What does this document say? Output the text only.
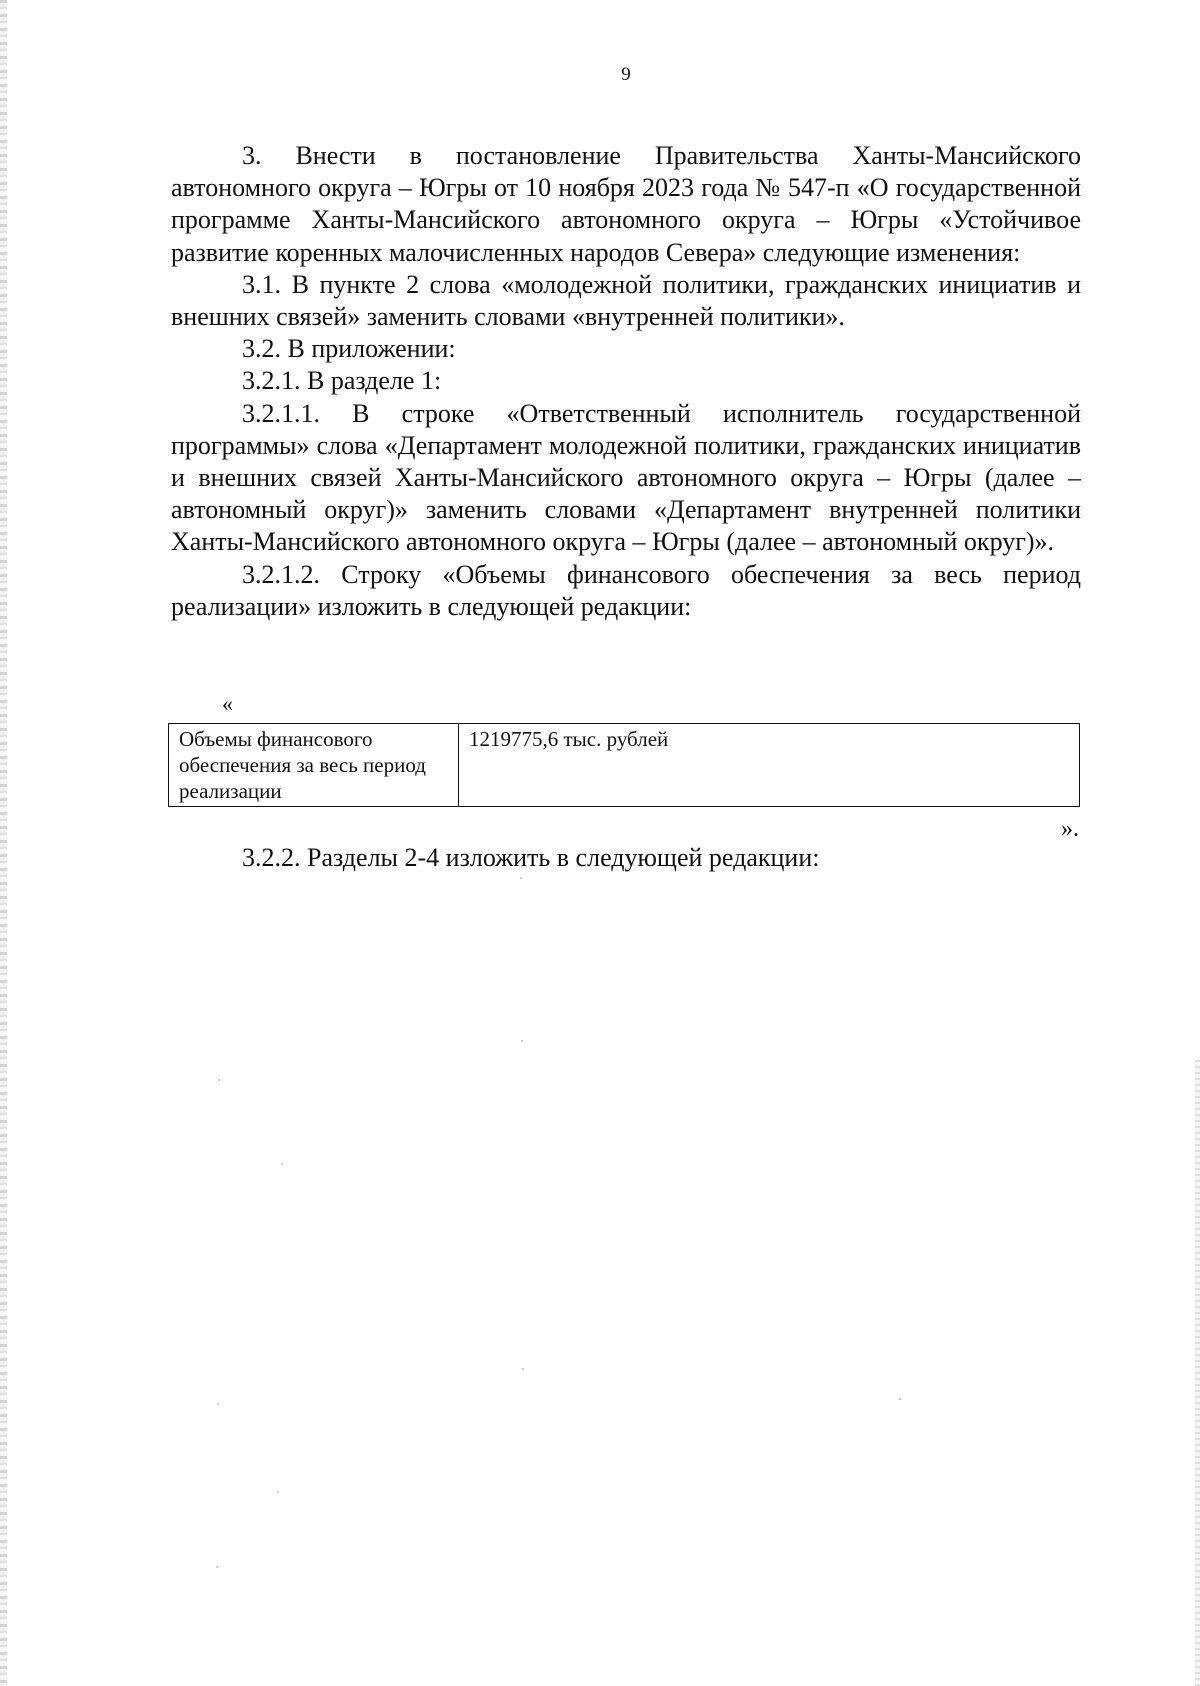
9

3. Внести в постановление Правительства Ханты-Мансийского автономного округа – Югры от 10 ноября 2023 года № 547-п «О государственной программе Ханты-Мансийского автономного округа – Югры «Устойчивое развитие коренных малочисленных народов Севера» следующие изменения:

3.1. В пункте 2 слова «молодежной политики, гражданских инициатив и внешних связей» заменить словами «внутренней политики».

3.2. В приложении:

3.2.1. В разделе 1:

3.2.1.1. В строке «Ответственный исполнитель государственной программы» слова «Департамент молодежной политики, гражданских инициатив и внешних связей Ханты-Мансийского автономного округа – Югры (далее – автономный округ)» заменить словами «Департамент внутренней политики Ханты-Мансийского автономного округа – Югры (далее – автономный округ)».

3.2.1.2. Строку «Объемы финансового обеспечения за весь период реализации» изложить в следующей редакции:

«
Объемы финансового обеспечения за весь период реализации	1219775,6 тыс. рублей
».
3.2.2. Разделы 2-4 изложить в следующей редакции:
